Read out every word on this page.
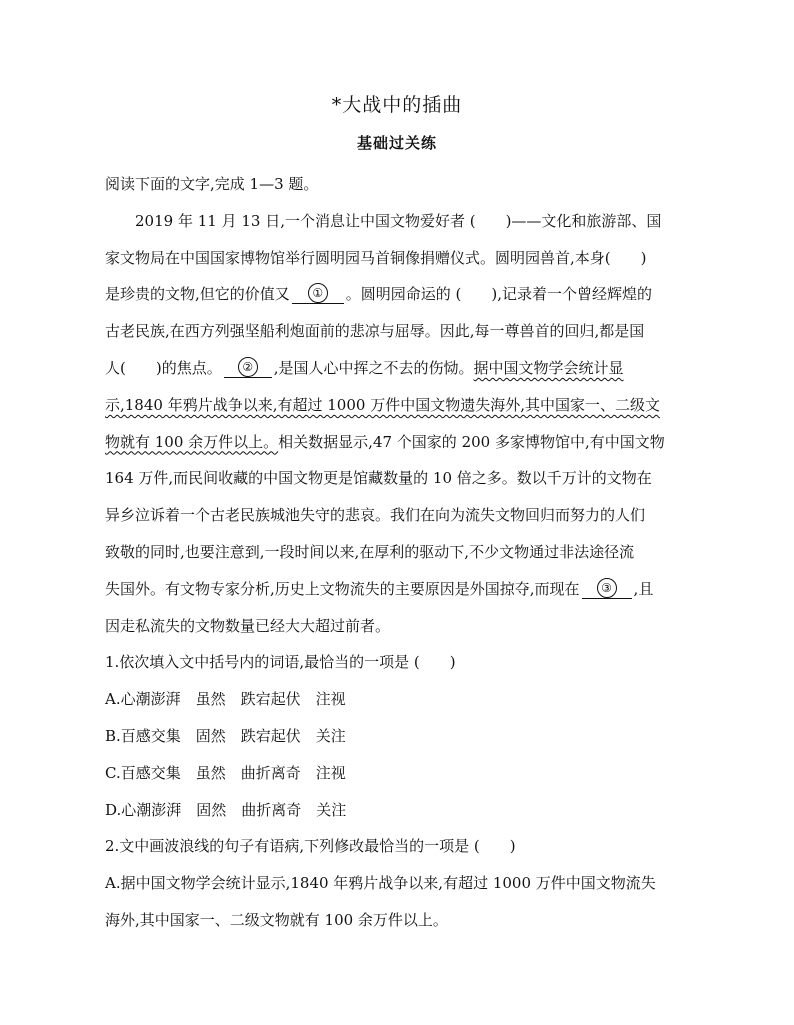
*大战中的插曲
基础过关练
阅读下面的文字,完成 1—3 题。
2019 年 11 月 13 日,一个消息让中国文物爱好者 (　　)——文化和旅游部、国
家文物局在中国国家博物馆举行圆明园马首铜像捐赠仪式。圆明园兽首,本身(　　)
是珍贵的文物,但它的价值又 ① 。圆明园命运的 (　　),记录着一个曾经辉煌的
古老民族,在西方列强坚船利炮面前的悲凉与屈辱。因此,每一尊兽首的回归,都是国
人(　　)的焦点。 ② ,是国人心中挥之不去的伤恸。据中国文物学会统计显
示,1840 年鸦片战争以来,有超过 1000 万件中国文物遗失海外,其中国家一、二级文
物就有 100 余万件以上。相关数据显示,47 个国家的 200 多家博物馆中,有中国文物
164 万件,而民间收藏的中国文物更是馆藏数量的 10 倍之多。数以千万计的文物在
异乡泣诉着一个古老民族城池失守的悲哀。我们在向为流失文物回归而努力的人们
致敬的同时,也要注意到,一段时间以来,在厚利的驱动下,不少文物通过非法途径流
失国外。有文物专家分析,历史上文物流失的主要原因是外国掠夺,而现在 ③ ,且
因走私流失的文物数量已经大大超过前者。
1.依次填入文中括号内的词语,最恰当的一项是 (　　)
A.心潮澎湃　虽然　跌宕起伏　注视
B.百感交集　固然　跌宕起伏　关注
C.百感交集　虽然　曲折离奇　注视
D.心潮澎湃　固然　曲折离奇　关注
2.文中画波浪线的句子有语病,下列修改最恰当的一项是 (　　)
A.据中国文物学会统计显示,1840 年鸦片战争以来,有超过 1000 万件中国文物流失
海外,其中国家一、二级文物就有 100 余万件以上。
